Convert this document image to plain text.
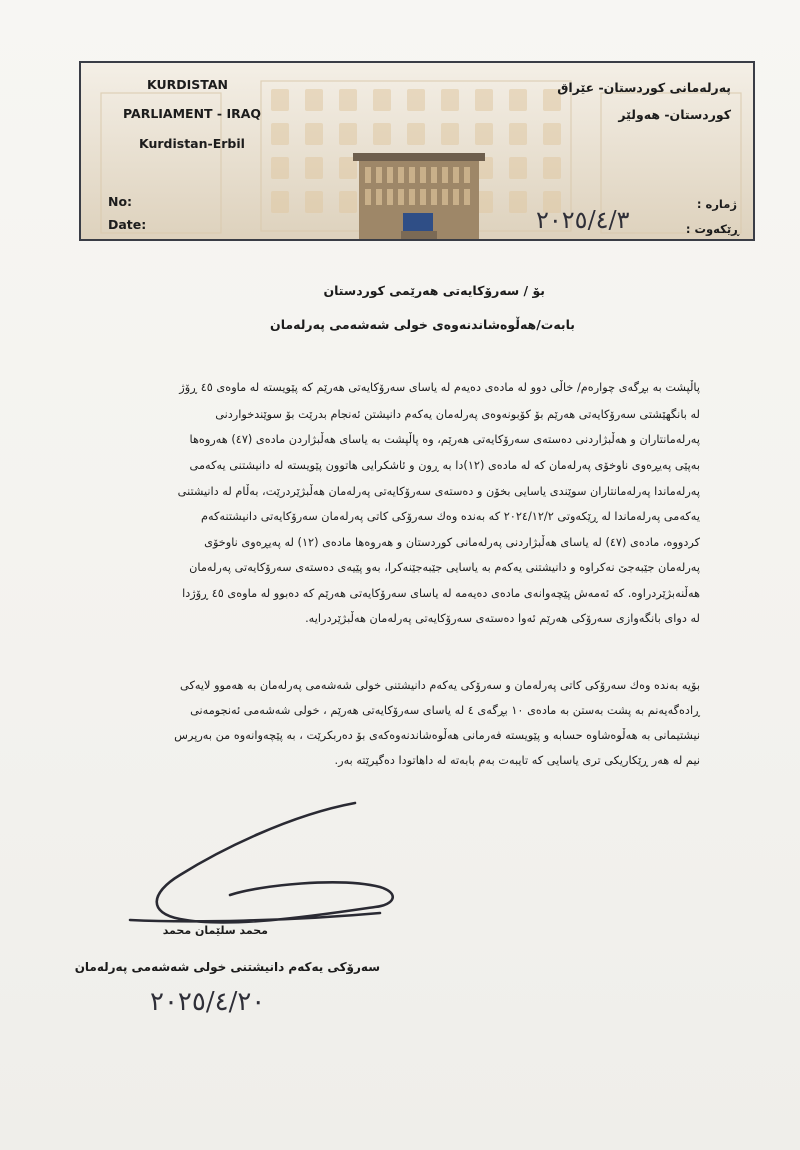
KURDISTAN
PARLIAMENT - IRAQ
Kurdistan-Erbil
No:
Date:
پەرلەمانی كوردستان- عێراق
كوردستان- هەولێر
ژمارە :
ڕێكەوت :
٢٠٢٥/٤/٣
بۆ / سەرۆكایەتی هەرێمی كوردستان
بابەت/هەڵوەشاندنەوەی خولی شەشەمی پەرلەمان
پاڵپشت بە بڕگەی چوارەم/ خاڵی دوو لە مادەی دەیەم لە یاسای سەرۆكایەتی هەرێم كە پێویستە لە ماوەی ٤٥ ڕۆژ
لە بانگهێشتی سەرۆكایەتی هەرێم بۆ كۆبونەوەی پەرلەمان یەكەم دانیشتن ئەنجام بدرێت بۆ سوێندخواردنی
پەرلەمانتاران و هەڵبژاردنی دەستەی سەرۆكایەتی هەرێم، وە پاڵپشت بە یاسای هەڵبژاردن مادەی (٤٧) هەروەها
بەپێی پەیڕەوی ناوخۆی پەرلەمان كە لە مادەی (١٢)دا بە ڕون و ئاشكرایی هاتوون پێویستە لە دانیشتنی یەكەمی
پەرلەماندا پەرلەمانتاران سوێندی یاسایی بخۆن و دەستەی سەرۆكایەتی پەرلەمان هەڵبژێردرێت، بەڵام لە دانیشتنی
یەكەمی پەرلەماندا لە ڕێكەوتی ٢٠٢٤/١٢/٢ كە بەندە وەك سەرۆكی كاتی پەرلەمان سەرۆكایەتی دانیشتنەكەم
كردووە، مادەی (٤٧) لە یاسای هەڵبژاردنی پەرلەمانی كوردستان و هەروەها مادەی (١٢) لە پەیڕەوی ناوخۆی
پەرلەمان جێبەجێ نەكراوە و دانیشتنی یەكەم بە یاسایی جێبەجێنەكرا، بەو پێیەی دەستەی سەرۆكایەتی پەرلەمان
هەڵنەبژێردراوە. كە ئەمەش پێچەوانەی مادەی دەیەمە لە یاسای سەرۆكایەتی هەرێم كە دەبوو لە ماوەی ٤٥ ڕۆژدا
لە دوای بانگەوازی سەرۆكی هەرێم ئەوا دەستەی سەرۆكایەتی پەرلەمان هەڵبژێردرایە.
بۆیە بەندە وەك سەرۆكی كاتی پەرلەمان و سەرۆكی یەكەم دانیشتنی خولی شەشەمی پەرلەمان بە هەموو لایەكی
ڕادەگەیەنم بە پشت بەستن بە مادەی ١٠ بڕگەی ٤ لە یاسای سەرۆكایەتی هەرێم ، خولی شەشەمی ئەنجومەنی
نیشتیمانی بە هەڵوەشاوە حسابە و پێویستە فەرمانی هەڵوەشاندنەوەكەی بۆ دەربكرێت ، بە پێچەوانەوە من بەرپرس
نیم لە هەر ڕێكاریكی تری یاسایی كە تایبەت بەم بابەتە لە داهاتودا دەگیرێتە بەر.
محمد سلێمان محمد
سەرۆكی یەكەم دانیشتنی خولی شەشەمی پەرلەمان
٢٠٢٥/٤/٢٠
